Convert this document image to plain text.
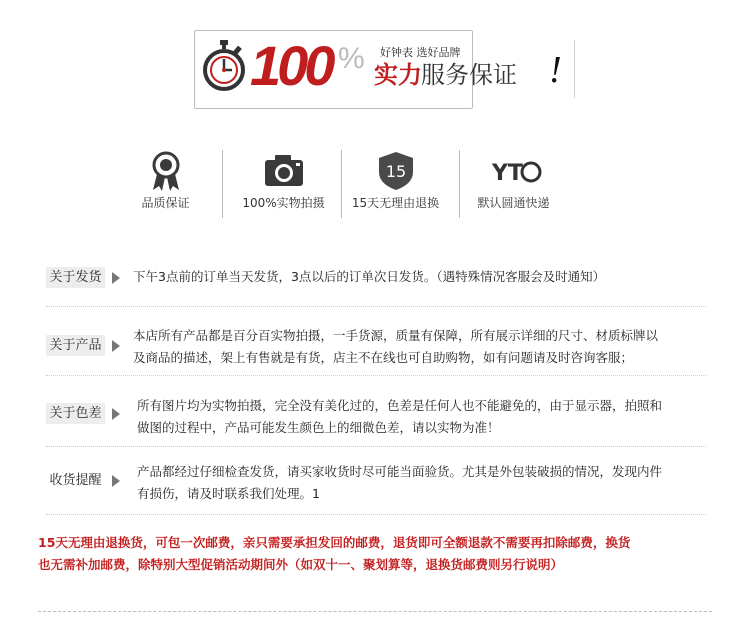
100 % 好钟表 选好品牌
实力 服务保证 !
品质保证	100%实物拍摄
15
15天无理由退换
YT
默认圆通快递
关于发货	下午3点前的订单当天发货，3点以后的订单次日发货。（遇特殊情况客服会及时通知）
关于产品
本店所有产品都是百分百实物拍摄，一手货源，质量有保障，所有展示详细的尺寸、材质标牌以
及商品的描述，架上有售就是有货，店主不在线也可自助购物，如有问题请及时咨询客服；
关于色差
所有图片均为实物拍摄，完全没有美化过的，色差是任何人也不能避免的，由于显示器，拍照和
做图的过程中，产品可能发生颜色上的细微色差，请以实物为准！
收货提醒
产品都经过仔细检查发货，请买家收货时尽可能当面验货。尤其是外包装破损的情况，发现内件
有损伤，请及时联系我们处理。1
15天无理由退换货，可包一次邮费，亲只需要承担发回的邮费，退货即可全额退款不需要再扣除邮费，换货
也无需补加邮费，除特别大型促销活动期间外（如双十一、聚划算等，退换货邮费则另行说明）
